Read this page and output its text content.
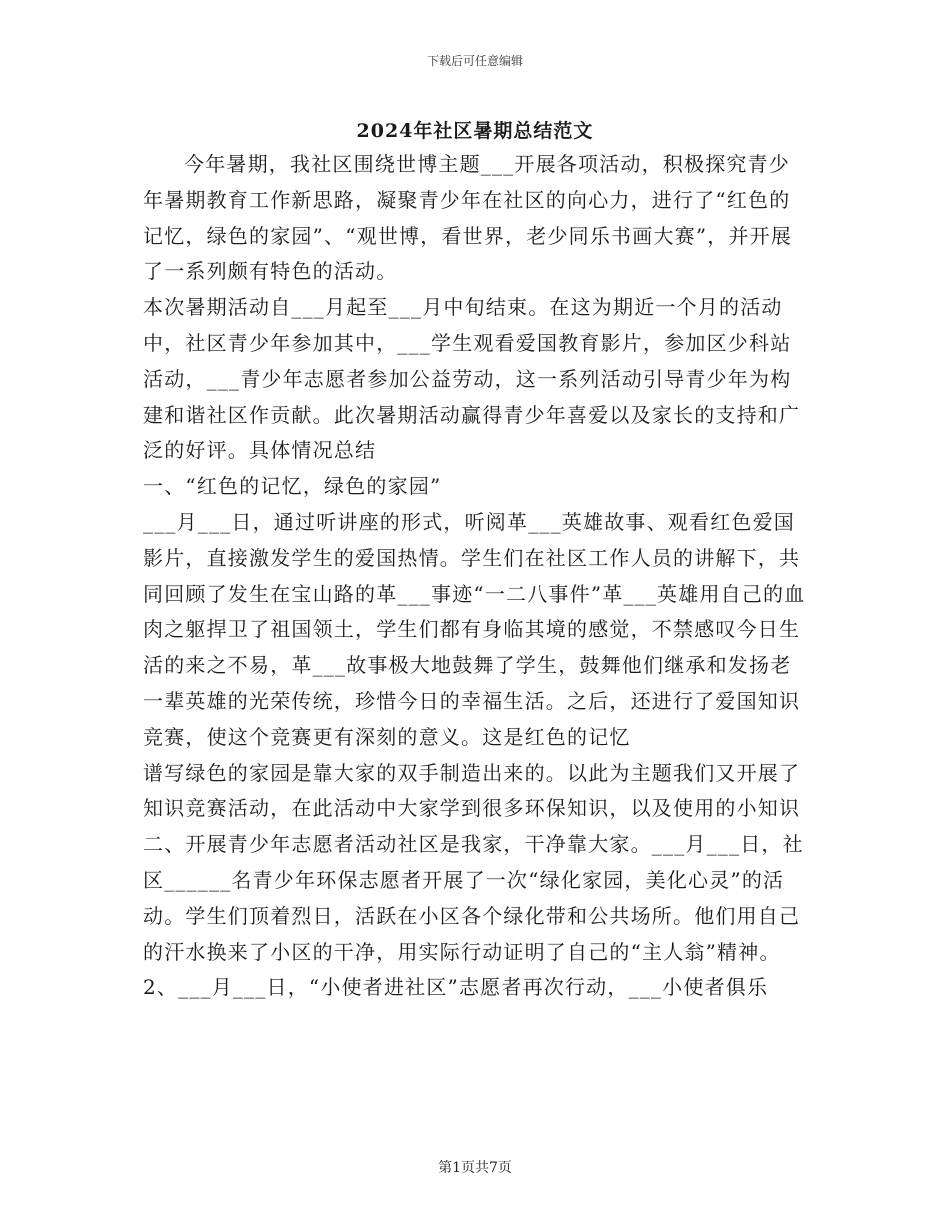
下载后可任意编辑
2024年社区暑期总结范文

今年暑期，我社区围绕世博主题___开展各项活动，积极探究青少年暑期教育工作新思路，凝聚青少年在社区的向心力，进行了“红色的记忆，绿色的家园”、“观世博，看世界，老少同乐书画大赛”，并开展了一系列颇有特色的活动。

本次暑期活动自___月起至___月中旬结束。在这为期近一个月的活动中，社区青少年参加其中，___学生观看爱国教育影片，参加区少科站活动，___青少年志愿者参加公益劳动，这一系列活动引导青少年为构建和谐社区作贡献。此次暑期活动赢得青少年喜爱以及家长的支持和广泛的好评。具体情况总结

一、“红色的记忆，绿色的家园”

___月___日，通过听讲座的形式，听阅革___英雄故事、观看红色爱国影片，直接激发学生的爱国热情。学生们在社区工作人员的讲解下，共同回顾了发生在宝山路的革___事迹“一二八事件”革___英雄用自己的血肉之躯捍卫了祖国领土，学生们都有身临其境的感觉，不禁感叹今日生活的来之不易，革___故事极大地鼓舞了学生，鼓舞他们继承和发扬老一辈英雄的光荣传统，珍惜今日的幸福生活。之后，还进行了爱国知识竞赛，使这个竞赛更有深刻的意义。这是红色的记忆

谱写绿色的家园是靠大家的双手制造出来的。以此为主题我们又开展了知识竞赛活动，在此活动中大家学到很多环保知识，以及使用的小知识

二、开展青少年志愿者活动社区是我家，干净靠大家。___月___日，社区______名青少年环保志愿者开展了一次“绿化家园，美化心灵”的活动。学生们顶着烈日，活跃在小区各个绿化带和公共场所。他们用自己的汗水换来了小区的干净，用实际行动证明了自己的“主人翁”精神。

2、___月___日，“小使者进社区”志愿者再次行动，___小使者俱乐

第1页共7页
